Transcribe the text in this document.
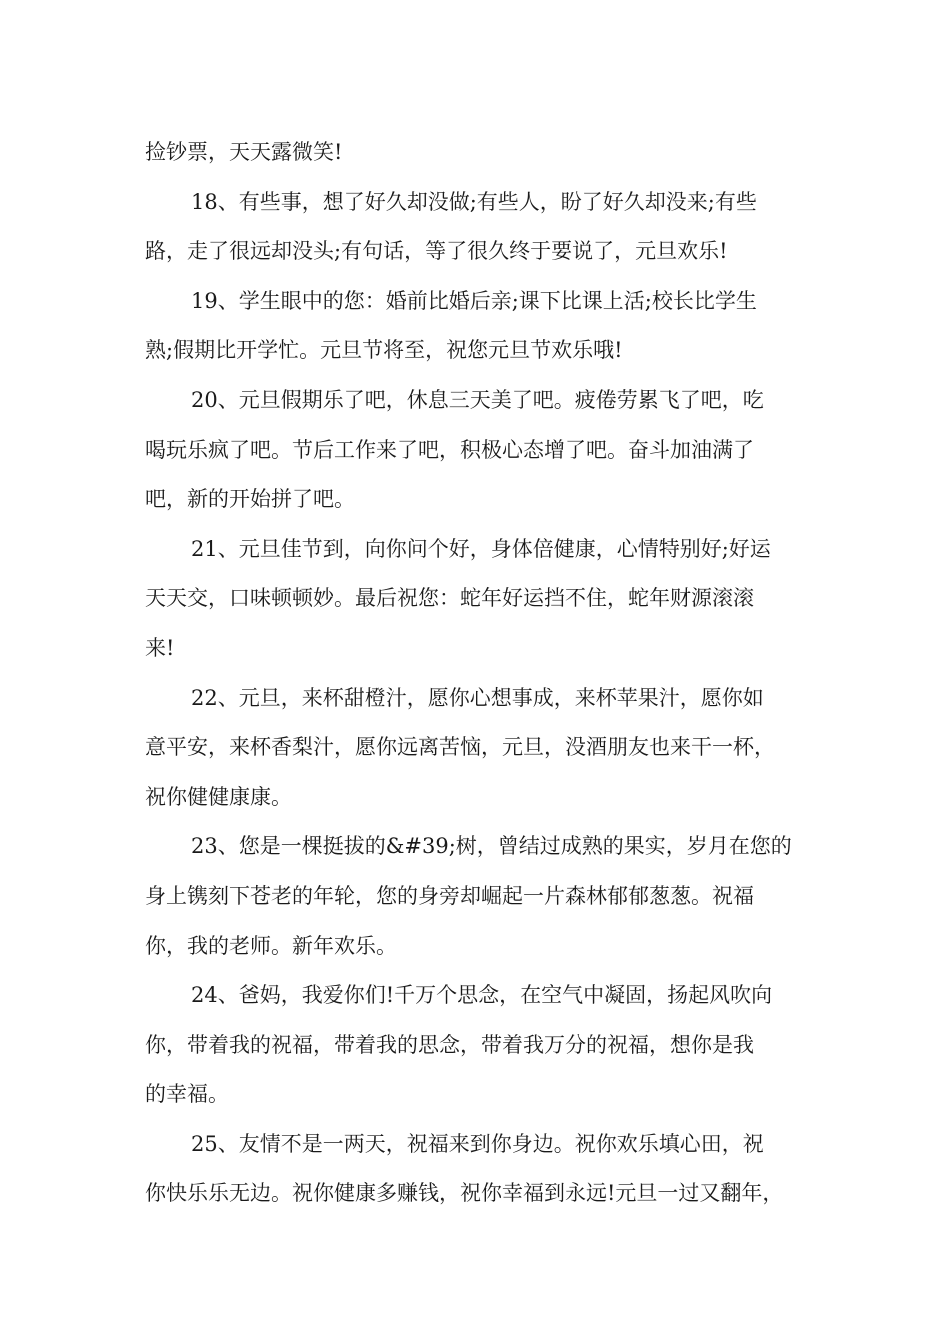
捡钞票，天天露微笑!
18、有些事，想了好久却没做;有些人，盼了好久却没来;有些
路，走了很远却没头;有句话，等了很久终于要说了，元旦欢乐!
19、学生眼中的您：婚前比婚后亲;课下比课上活;校长比学生
熟;假期比开学忙。元旦节将至，祝您元旦节欢乐哦!
20、元旦假期乐了吧，休息三天美了吧。疲倦劳累飞了吧，吃
喝玩乐疯了吧。节后工作来了吧，积极心态增了吧。奋斗加油满了
吧，新的开始拼了吧。
21、元旦佳节到，向你问个好，身体倍健康，心情特别好;好运
天天交，口味顿顿妙。最后祝您：蛇年好运挡不住，蛇年财源滚滚
来!
22、元旦，来杯甜橙汁，愿你心想事成，来杯苹果汁，愿你如
意平安，来杯香梨汁，愿你远离苦恼，元旦，没酒朋友也来干一杯，
祝你健健康康。
23、您是一棵挺拔的&#39;树，曾结过成熟的果实，岁月在您的
身上镌刻下苍老的年轮，您的身旁却崛起一片森林郁郁葱葱。祝福
你，我的老师。新年欢乐。
24、爸妈，我爱你们!千万个思念，在空气中凝固，扬起风吹向
你，带着我的祝福，带着我的思念，带着我万分的祝福，想你是我
的幸福。
25、友情不是一两天，祝福来到你身边。祝你欢乐填心田，祝
你快乐乐无边。祝你健康多赚钱，祝你幸福到永远!元旦一过又翻年，
